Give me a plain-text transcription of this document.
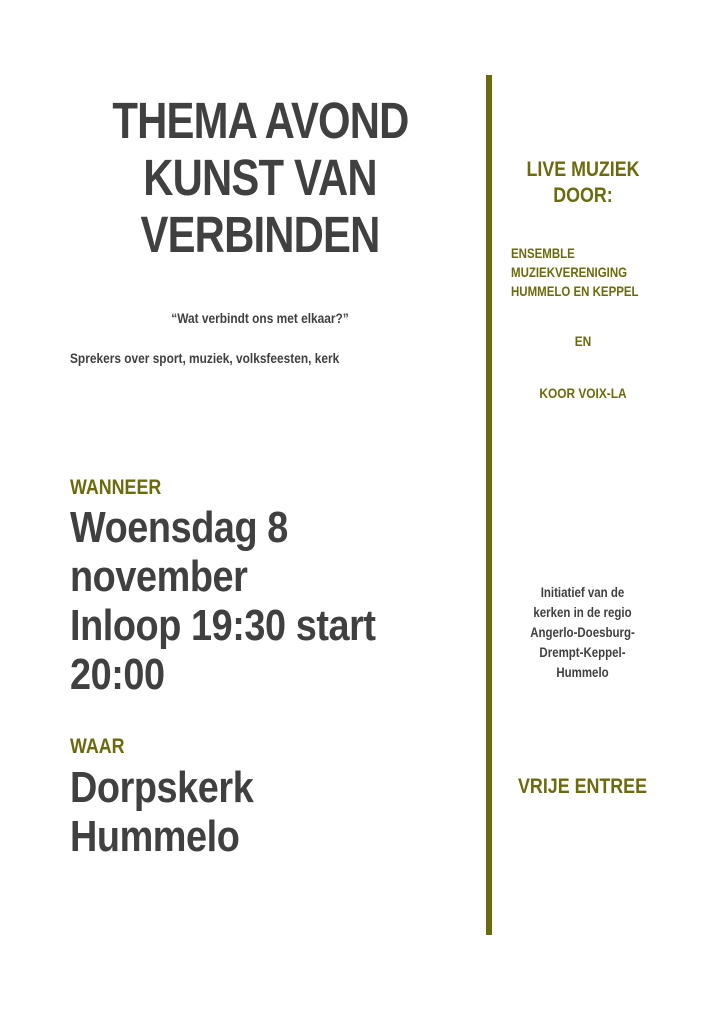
THEMA AVOND
KUNST VAN
VERBINDEN
“Wat verbindt ons met elkaar?”
Sprekers over sport, muziek, volksfeesten, kerk
WANNEER
Woensdag 8
november
Inloop 19:30 start
20:00
WAAR
Dorpskerk
Hummelo
LIVE MUZIEK
DOOR:
ENSEMBLE
MUZIEKVERENIGING
HUMMELO EN KEPPEL
EN
KOOR VOIX-LA
Initiatief van de
kerken in de regio
Angerlo-Doesburg-
Drempt-Keppel-
Hummelo
VRIJE ENTREE
